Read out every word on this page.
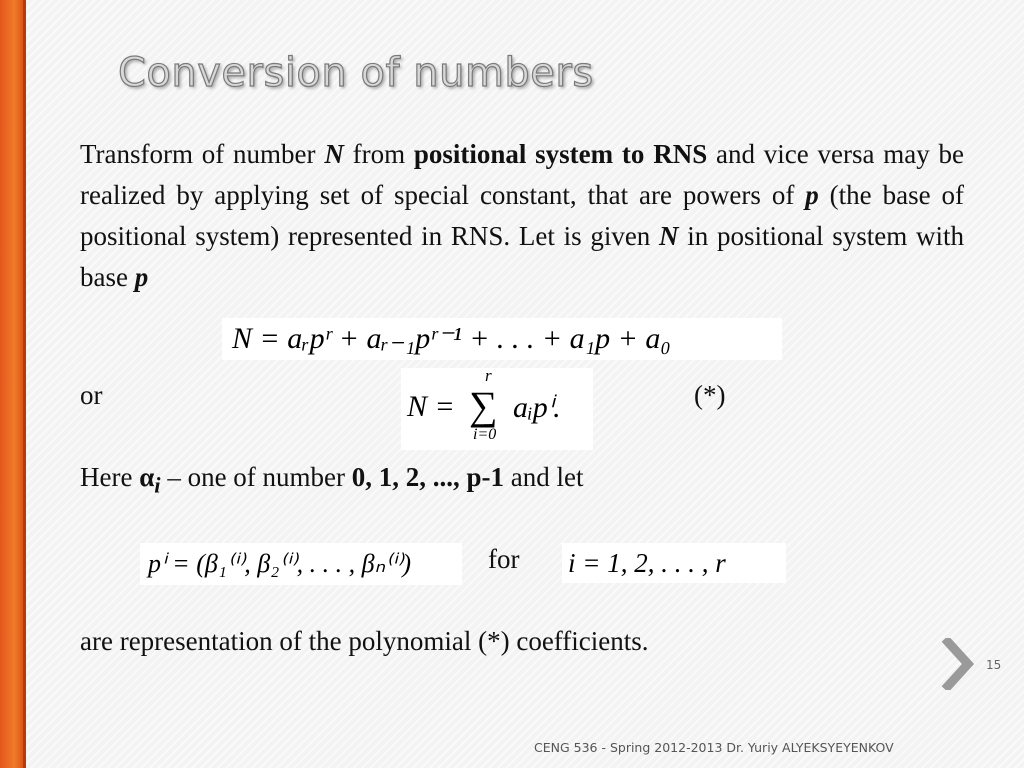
Conversion of numbers

Transform of number N from positional system to RNS and vice versa may be realized by applying set of special constant, that are powers of p (the base of positional system) represented in RNS. Let is given N in positional system with base p

N = aᵣpʳ + aᵣ₋₁pʳ⁻¹ + . . . + a₁p + a₀

or	N =
r
∑
i=0
aᵢpⁱ.	(*)

Here $\alpha_i$ – one of number 0, 1, 2, ..., p-1 and let

pⁱ = (β₁⁽ⁱ⁾, β₂⁽ⁱ⁾, . . . , βₙ⁽ⁱ⁾)	for i = 1, 2, . . . , r

are representation of the polynomial (*) coefficients.

15
CENG 536 - Spring 2012-2013 Dr. Yuriy ALYEKSYEYENKOV
